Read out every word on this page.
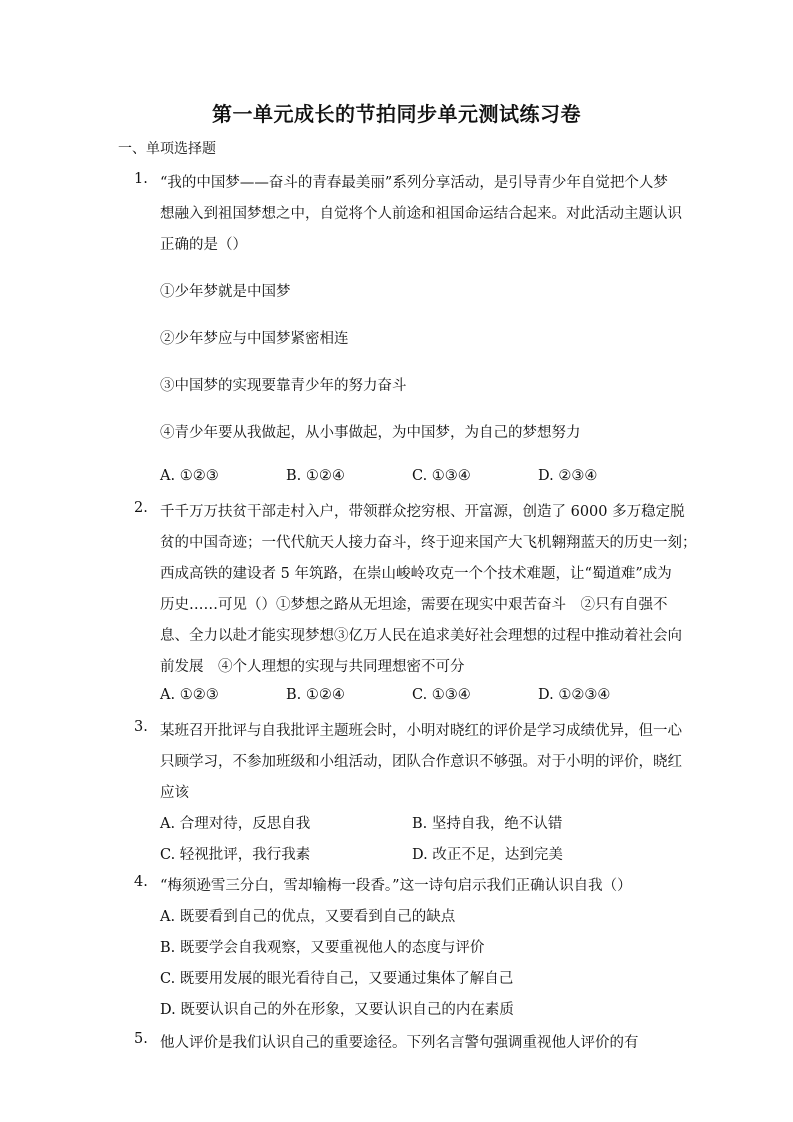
第一单元成长的节拍同步单元测试练习卷
一、单项选择题
1. “我的中国梦——奋斗的青春最美丽”系列分享活动，是引导青少年自觉把个人梦
想融入到祖国梦想之中，自觉将个人前途和祖国命运结合起来。对此活动主题认识
正确的是（）
①少年梦就是中国梦
②少年梦应与中国梦紧密相连
③中国梦的实现要靠青少年的努力奋斗
④青少年要从我做起，从小事做起，为中国梦，为自己的梦想努力
A. ①②③	B. ①②④	C. ①③④	D. ②③④
2. 千千万万扶贫干部走村入户，带领群众挖穷根、开富源，创造了 6000 多万稳定脱
贫的中国奇迹；一代代航天人接力奋斗，终于迎来国产大飞机翱翔蓝天的历史一刻；
西成高铁的建设者 5 年筑路，在崇山峻岭攻克一个个技术难题，让“蜀道难”成为
历史……可见（）①梦想之路从无坦途，需要在现实中艰苦奋斗　②只有自强不
息、全力以赴才能实现梦想③亿万人民在追求美好社会理想的过程中推动着社会向
前发展　④个人理想的实现与共同理想密不可分
A. ①②③	B. ①②④	C. ①③④	D. ①②③④
3. 某班召开批评与自我批评主题班会时，小明对晓红的评价是学习成绩优异，但一心
只顾学习，不参加班级和小组活动，团队合作意识不够强。对于小明的评价，晓红
应该
A. 合理对待，反思自我	B. 坚持自我，绝不认错
C. 轻视批评，我行我素	D. 改正不足，达到完美
4. “梅须逊雪三分白，雪却输梅一段香。”这一诗句启示我们正确认识自我（）
A. 既要看到自己的优点，又要看到自己的缺点
B. 既要学会自我观察，又要重视他人的态度与评价
C. 既要用发展的眼光看待自己，又要通过集体了解自己
D. 既要认识自己的外在形象，又要认识自己的内在素质
5. 他人评价是我们认识自己的重要途径。下列名言警句强调重视他人评价的有
